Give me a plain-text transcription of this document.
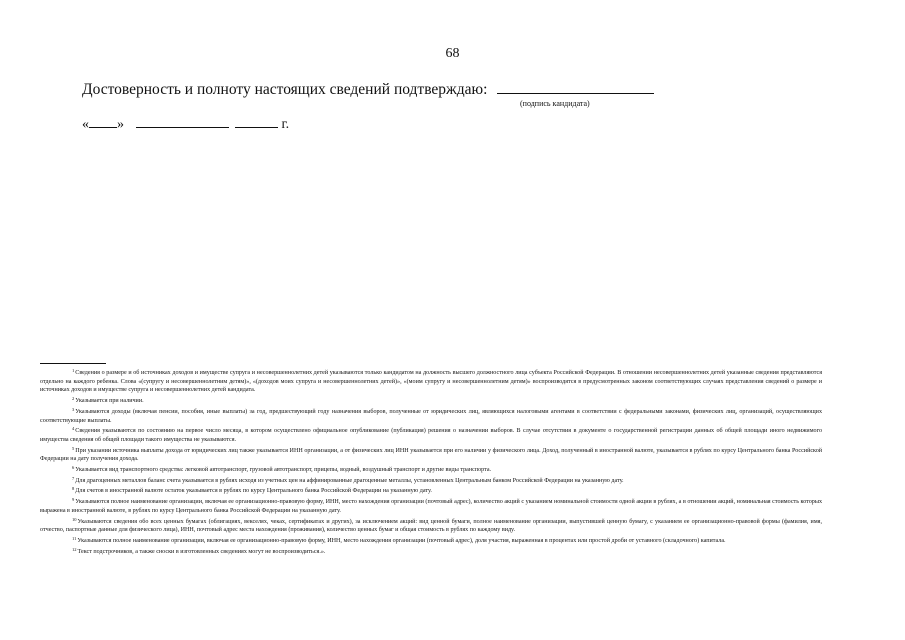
68
Достоверность и полноту настоящих сведений подтверждаю:
(подпись кандидата)
« »	г.

$^1$Сведения о размере и об источниках доходов и имуществе супруга и несовершеннолетних детей указываются только кандидатом на должность высшего должностного лица субъекта Российской Федерации. В отношении несовершеннолетних детей указанные сведения представляются отдельно на каждого ребенка. Слова «(супругу и несовершеннолетним детям)», «(доходов моих супруга и несовершеннолетних детей)», «(моим супругу и несовершеннолетним детям)» воспроизводятся в предусмотренных законом соответствующих случаях представления сведений о размере и источниках доходов и имуществе супруга и несовершеннолетних детей кандидата.

$^2$Указывается при наличии.

$^3$Указываются доходы (включая пенсии, пособия, иные выплаты) за год, предшествующий году назначения выборов, полученные от юридических лиц, являющихся налоговыми агентами в соответствии с федеральными законами, физических лиц, организаций, осуществляющих соответствующие выплаты.

$^4$Сведения указываются по состоянию на первое число месяца, в котором осуществлено официальное опубликование (публикация) решения о назначении выборов. В случае отсутствия в документе о государственной регистрации данных об общей площади иного недвижимого имущества сведения об общей площади такого имущества не указываются.

$^5$При указании источника выплаты дохода от юридических лиц также указывается ИНН организации, а от физических лиц ИНН указывается при его наличии у физического лица. Доход, полученный в иностранной валюте, указывается в рублях по курсу Центрального банка Российской Федерации на дату получения дохода.

$^6$Указывается вид транспортного средства: легковой автотранспорт, грузовой автотранспорт, прицепы, водный, воздушный транспорт и другие виды транспорта.

$^7$Для драгоценных металлов баланс счета указывается в рублях исходя из учетных цен на аффинированные драгоценные металлы, установленных Центральным банком Российской Федерации на указанную дату.

$^8$Для счетов в иностранной валюте остаток указывается в рублях по курсу Центрального банка Российской Федерации на указанную дату.

$^9$Указываются полное наименование организации, включая ее организационно-правовую форму, ИНН, место нахождения организации (почтовый адрес), количество акций с указанием номинальной стоимости одной акции в рублях, а в отношении акций, номинальная стоимость которых выражена в иностранной валюте, в рублях по курсу Центрального банка Российской Федерации на указанную дату.

$^{10}$Указываются сведения обо всех ценных бумагах (облигациях, векселях, чеках, сертификатах и других), за исключением акций: вид ценной бумаги, полное наименование организации, выпустившей ценную бумагу, с указанием ее организационно-правовой формы (фамилия, имя, отчество, паспортные данные для физического лица), ИНН, почтовый адрес места нахождения (проживания), количество ценных бумаг и общая стоимость в рублях по каждому виду.

$^{11}$Указываются полное наименование организации, включая ее организационно-правовую форму, ИНН, место нахождения организации (почтовый адрес), доля участия, выраженная в процентах или простой дроби от уставного (складочного) капитала.

$^{12}$Текст подстрочников, а также сноски в изготовленных сведениях могут не воспроизводиться.».
